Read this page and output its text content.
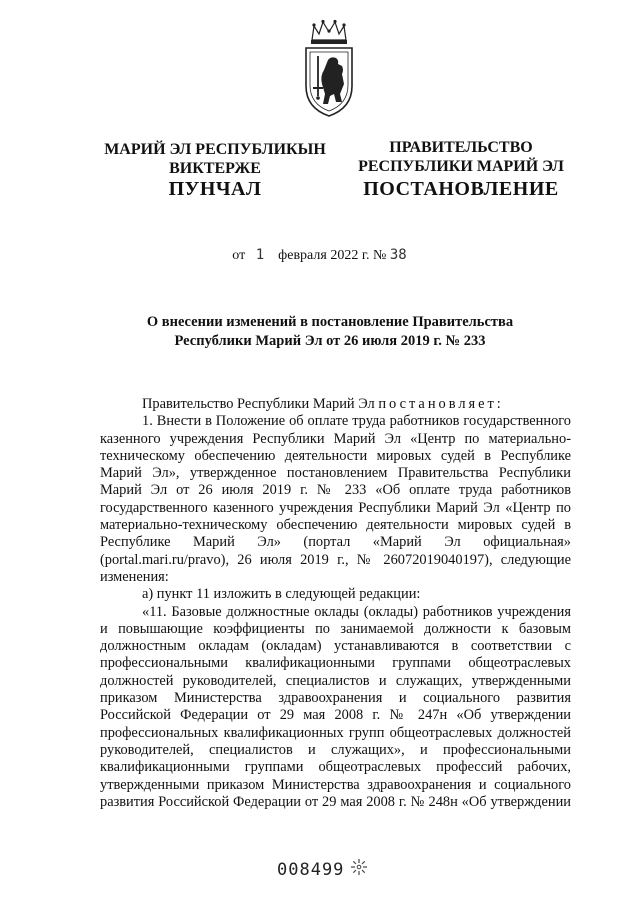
МАРИЙ ЭЛ РЕСПУБЛИКЫН
ВИКТЕРЖЕ
ПРАВИТЕЛЬСТВО
РЕСПУБЛИКИ МАРИЙ ЭЛ
ПУНЧАЛ	ПОСТАНОВЛЕНИЕ
от 1 февраля 2022 г. № 38
О внесении изменений в постановление Правительства
Республики Марий Эл от 26 июля 2019 г. № 233

Правительство Республики Марий Эл постановляет:

1. Внести в Положение об оплате труда работников государственного казенного учреждения Республики Марий Эл «Центр по материально-техническому обеспечению деятельности мировых судей в Республике Марий Эл», утвержденное постановлением Правительства Республики Марий Эл от 26 июля 2019 г. № 233 «Об оплате труда работников государственного казенного учреждения Республики Марий Эл «Центр по материально-техническому обеспечению деятельности мировых судей в Республике Марий Эл» (портал «Марий Эл официальная» (portal.mari.ru/pravo), 26 июля 2019 г., № 26072019040197), следующие изменения:

а) пункт 11 изложить в следующей редакции:

«11. Базовые должностные оклады (оклады) работников учреждения и повышающие коэффициенты по занимаемой должности к базовым должностным окладам (окладам) устанавливаются в соответствии с профессиональными квалификационными группами общеотраслевых должностей руководителей, специалистов и служащих, утвержденными приказом Министерства здравоохранения и социального развития Российской Федерации от 29 мая 2008 г. № 247н «Об утверждении профессиональных квалификационных групп общеотраслевых должностей руководителей, специалистов и служащих», и профессиональными квалификационными группами общеотраслевых профессий рабочих, утвержденными приказом Министерства здравоохранения и социального развития Российской Федерации от 29 мая 2008 г. № 248н «Об утверждении

008499
